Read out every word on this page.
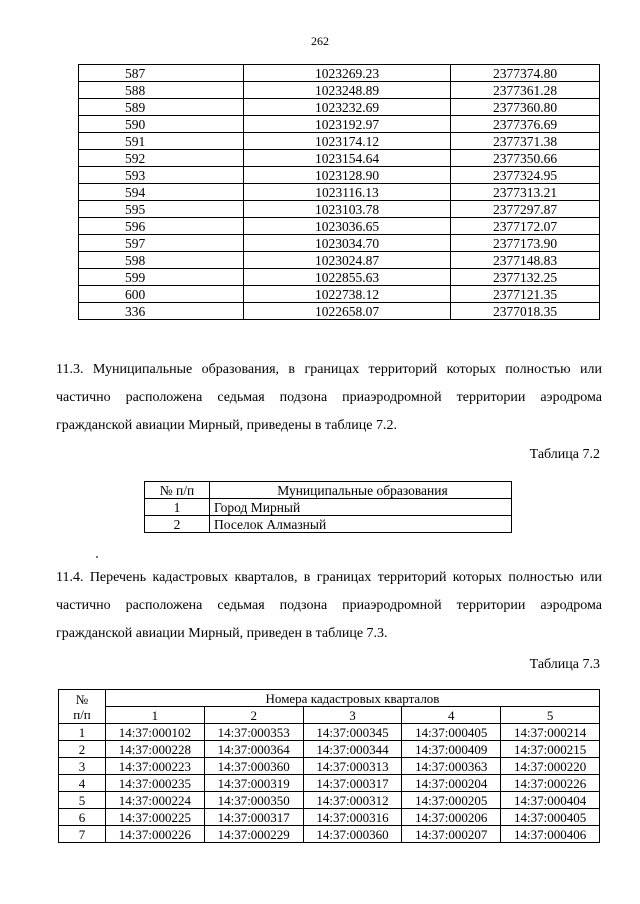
262
587	1023269.23	2377374.80
588	1023248.89	2377361.28
589	1023232.69	2377360.80
590	1023192.97	2377376.69
591	1023174.12	2377371.38
592	1023154.64	2377350.66
593	1023128.90	2377324.95
594	1023116.13	2377313.21
595	1023103.78	2377297.87
596	1023036.65	2377172.07
597	1023034.70	2377173.90
598	1023024.87	2377148.83
599	1022855.63	2377132.25
600	1022738.12	2377121.35
336	1022658.07	2377018.35
11.3. Муниципальные образования, в границах территорий которых полностью или частично расположена седьмая подзона приаэродромной территории аэродрома гражданской авиации Мирный, приведены в таблице 7.2.
Таблица 7.2
№ п/п	Муниципальные образования
1	Город Мирный
2	Поселок Алмазный
11.4. Перечень кадастровых кварталов, в границах территорий которых полностью или частично расположена седьмая подзона приаэродромной территории аэродрома гражданской авиации Мирный, приведен в таблице 7.3.
Таблица 7.3
№
п/п	Номера кадастровых кварталов				
	1	2	3	4	5
1	14:37:000102	14:37:000353	14:37:000345	14:37:000405	14:37:000214
2	14:37:000228	14:37:000364	14:37:000344	14:37:000409	14:37:000215
3	14:37:000223	14:37:000360	14:37:000313	14:37:000363	14:37:000220
4	14:37:000235	14:37:000319	14:37:000317	14:37:000204	14:37:000226
5	14:37:000224	14:37:000350	14:37:000312	14:37:000205	14:37:000404
6	14:37:000225	14:37:000317	14:37:000316	14:37:000206	14:37:000405
7	14:37:000226	14:37:000229	14:37:000360	14:37:000207	14:37:000406
